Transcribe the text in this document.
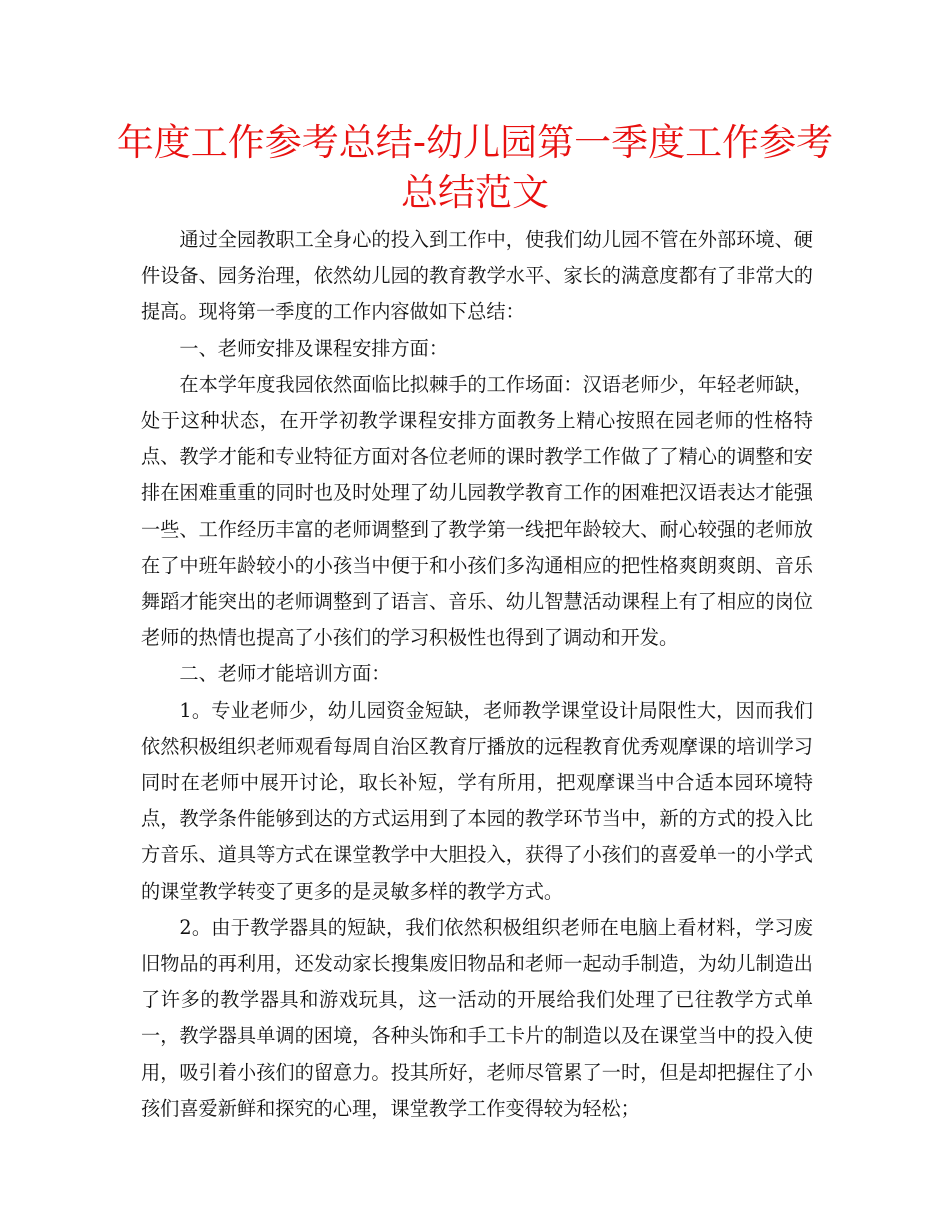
年度工作参考总结-幼儿园第一季度工作参考总结范文

通过全园教职工全身心的投入到工作中，使我们幼儿园不管在外部环境、硬件设备、园务治理，依然幼儿园的教育教学水平、家长的满意度都有了非常大的提高。现将第一季度的工作内容做如下总结：

一、老师安排及课程安排方面：

在本学年度我园依然面临比拟棘手的工作场面：汉语老师少，年轻老师缺，处于这种状态，在开学初教学课程安排方面教务上精心按照在园老师的性格特点、教学才能和专业特征方面对各位老师的课时教学工作做了了精心的调整和安排在困难重重的同时也及时处理了幼儿园教学教育工作的困难把汉语表达才能强一些、工作经历丰富的老师调整到了教学第一线把年龄较大、耐心较强的老师放在了中班年龄较小的小孩当中便于和小孩们多沟通相应的把性格爽朗爽朗、音乐舞蹈才能突出的老师调整到了语言、音乐、幼儿智慧活动课程上有了相应的岗位老师的热情也提高了小孩们的学习积极性也得到了调动和开发。

二、老师才能培训方面：

1。专业老师少，幼儿园资金短缺，老师教学课堂设计局限性大，因而我们依然积极组织老师观看每周自治区教育厅播放的远程教育优秀观摩课的培训学习同时在老师中展开讨论，取长补短，学有所用，把观摩课当中合适本园环境特点，教学条件能够到达的方式运用到了本园的教学环节当中，新的方式的投入比方音乐、道具等方式在课堂教学中大胆投入，获得了小孩们的喜爱单一的小学式的课堂教学转变了更多的是灵敏多样的教学方式。

2。由于教学器具的短缺，我们依然积极组织老师在电脑上看材料，学习废旧物品的再利用，还发动家长搜集废旧物品和老师一起动手制造，为幼儿制造出了许多的教学器具和游戏玩具，这一活动的开展给我们处理了已往教学方式单一，教学器具单调的困境，各种头饰和手工卡片的制造以及在课堂当中的投入使用，吸引着小孩们的留意力。投其所好，老师尽管累了一时，但是却把握住了小孩们喜爱新鲜和探究的心理，课堂教学工作变得较为轻松；
